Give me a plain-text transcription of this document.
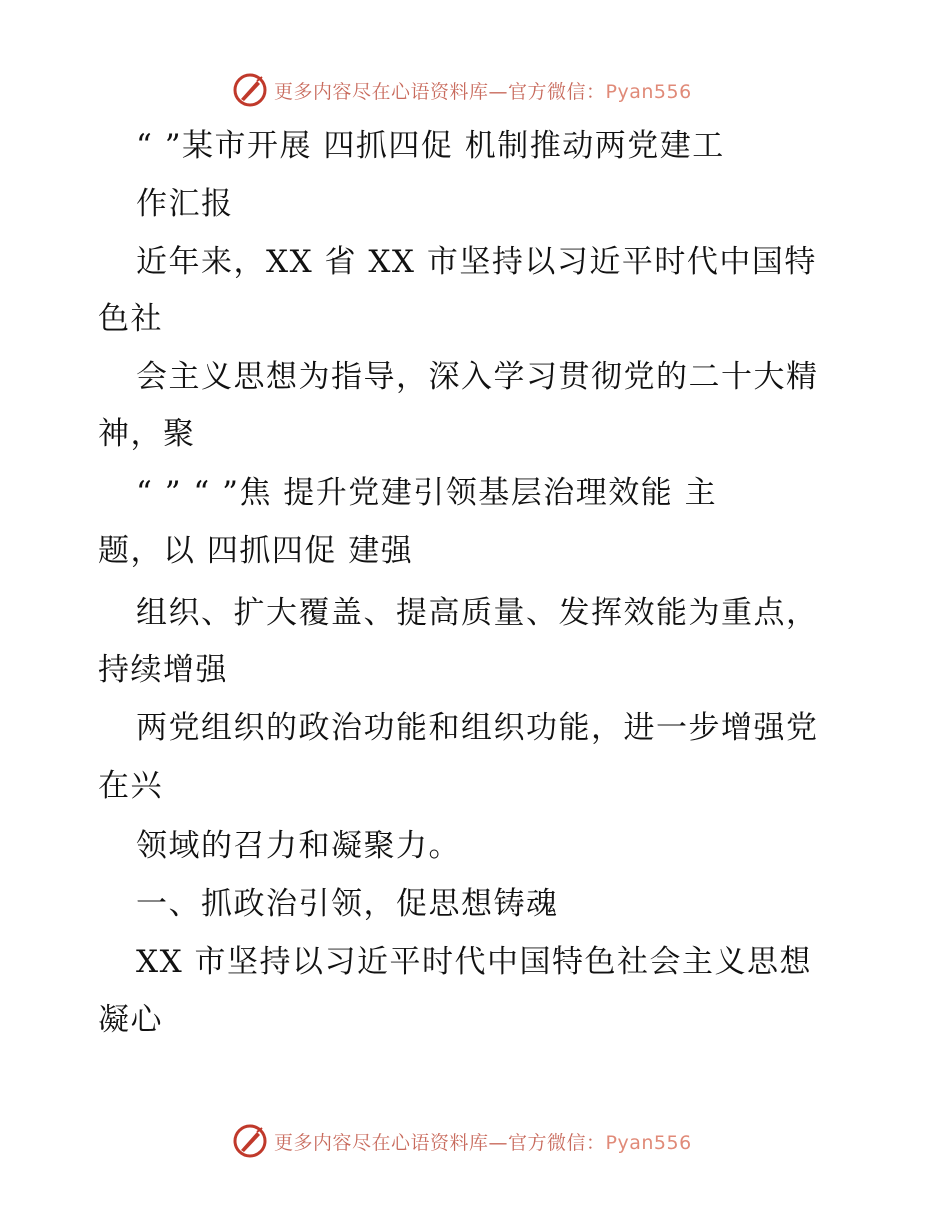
更多内容尽在心语资料库—官方微信：Pyan556
“ ”某市开展 四抓四促 机制推动两党建工
作汇报
近年来，XX 省 XX 市坚持以习近平时代中国特
色社
会主义思想为指导，深入学习贯彻党的二十大精
神，聚
“ ” “ ”焦 提升党建引领基层治理效能 主
题，以 四抓四促 建强
组织、扩大覆盖、提高质量、发挥效能为重点，
持续增强
两党组织的政治功能和组织功能，进一步增强党
在兴
领域的召力和凝聚力。
一、抓政治引领，促思想铸魂
XX 市坚持以习近平时代中国特色社会主义思想
凝心
更多内容尽在心语资料库—官方微信：Pyan556
